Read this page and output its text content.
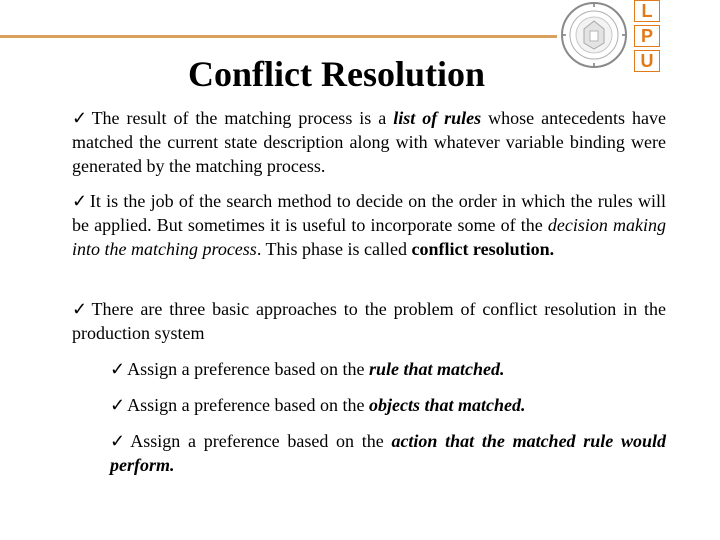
L
P
U
Conflict Resolution

✓ The result of the matching process is a list of rules whose antecedents have matched the current state description along with whatever variable binding were generated by the matching process.

✓ It is the job of the search method to decide on the order in which the rules will be applied. But sometimes it is useful to incorporate some of the decision making into the matching process. This phase is called conflict resolution.

✓ There are three basic approaches to the problem of conflict resolution in the production system

✓ Assign a preference based on the rule that matched.

✓ Assign a preference based on the objects that matched.

✓ Assign a preference based on the action that the matched rule would perform.
